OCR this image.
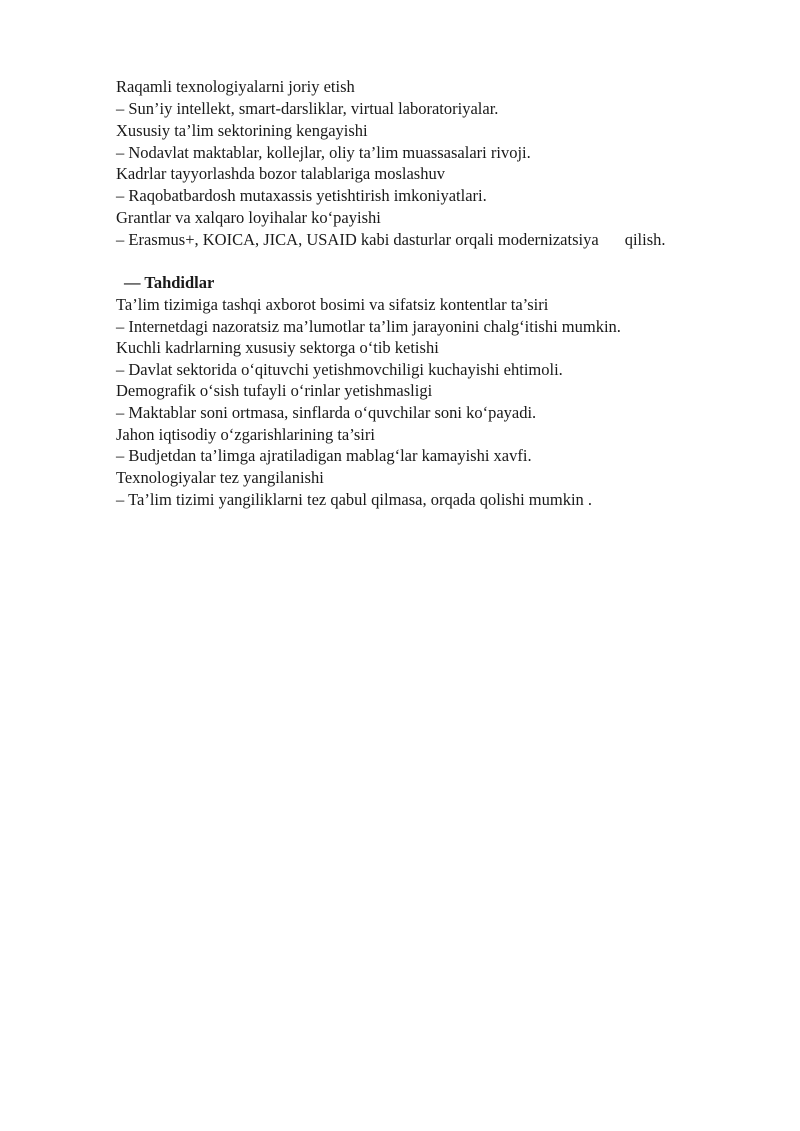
Raqamli texnologiyalarni joriy etish
– Sun’iy intellekt, smart-darsliklar, virtual laboratoriyalar.
Xususiy ta’lim sektorining kengayishi
– Nodavlat maktablar, kollejlar, oliy ta’lim muassasalari rivoji.
Kadrlar tayyorlashda bozor talablariga moslashuv
– Raqobatbardosh mutaxassis yetishtirish imkoniyatlari.
Grantlar va xalqaro loyihalar ko‘payishi
– Erasmus+, KOICA, JICA, USAID kabi dasturlar orqali modernizatsiya qilish.
— Tahdidlar
Ta’lim tizimiga tashqi axborot bosimi va sifatsiz kontentlar ta’siri
– Internetdagi nazoratsiz ma’lumotlar ta’lim jarayonini chalg‘itishi mumkin.
Kuchli kadrlarning xususiy sektorga o‘tib ketishi
– Davlat sektorida o‘qituvchi yetishmovchiligi kuchayishi ehtimoli.
Demografik o‘sish tufayli o‘rinlar yetishmasligi
– Maktablar soni ortmasa, sinflarda o‘quvchilar soni ko‘payadi.
Jahon iqtisodiy o‘zgarishlarining ta’siri
– Budjetdan ta’limga ajratiladigan mablag‘lar kamayishi xavfi.
Texnologiyalar tez yangilanishi
– Ta’lim tizimi yangiliklarni tez qabul qilmasa, orqada qolishi mumkin .
